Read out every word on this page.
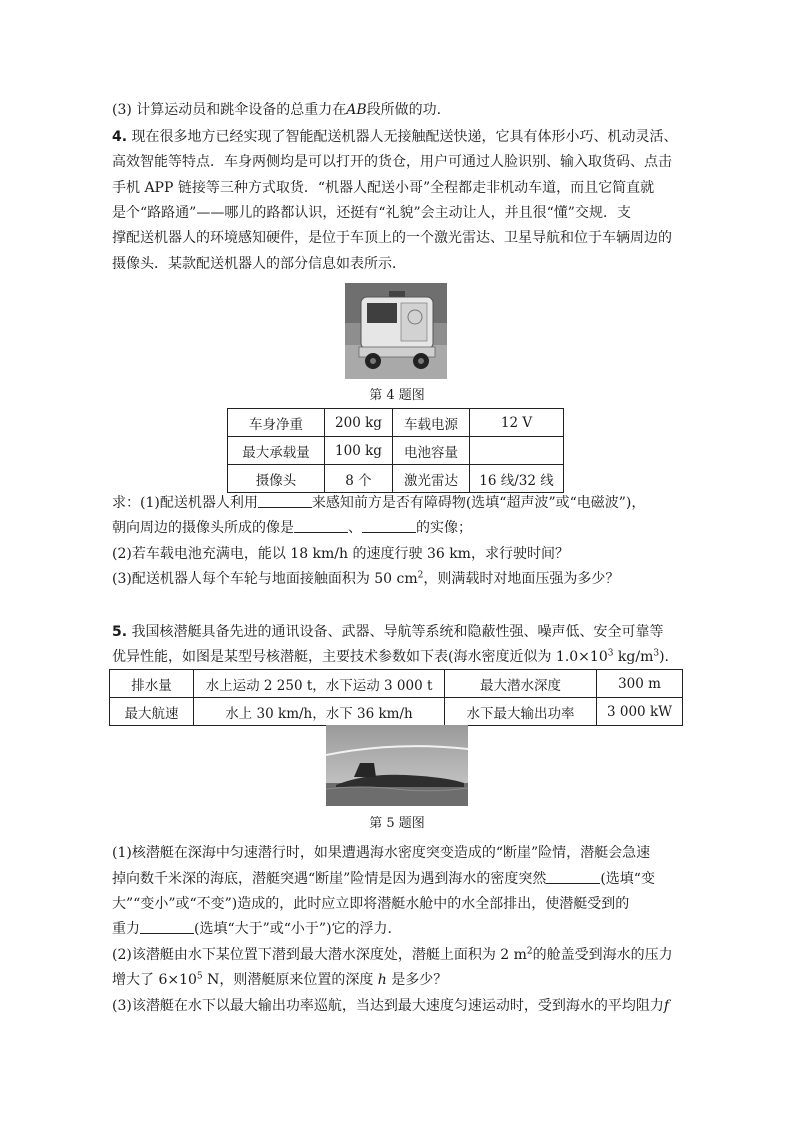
(3) 计算运动员和跳伞设备的总重力在AB段所做的功.
4. 现在很多地方已经实现了智能配送机器人无接触配送快递，它具有体形小巧、机动灵活、
高效智能等特点．车身两侧均是可以打开的货仓，用户可通过人脸识别、输入取货码、点击
手机 APP 链接等三种方式取货．“机器人配送小哥”全程都走非机动车道，而且它简直就
是个“路路通”——哪儿的路都认识，还挺有“礼貌”会主动让人，并且很“懂”交规．支
撑配送机器人的环境感知硬件，是位于车顶上的一个激光雷达、卫星导航和位于车辆周边的
摄像头．某款配送机器人的部分信息如表所示．
第 4 题图
车身净重	200 kg	车载电源	12 V
最大承载量	100 kg	电池容量	
摄像头	8 个	激光雷达	16 线/32 线
求：(1)配送机器人利用	来感知前方是否有障碍物(选填“超声波”或“电磁波”)，
朝向周边的摄像头所成的像是	、	的实像；
(2)若车载电池充满电，能以 18 km/h 的速度行驶 36 km，求行驶时间？
(3)配送机器人每个车轮与地面接触面积为 50 $cm^2$，则满载时对地面压强为多少？
5. 我国核潜艇具备先进的通讯设备、武器、导航等系统和隐蔽性强、噪声低、安全可靠等
优异性能，如图是某型号核潜艇，主要技术参数如下表(海水密度近似为 $1.0\times 10^3$ $kg/m^3$).
排水量	水上运动 2 250 t，水下运动 3 000 t	最大潜水深度	300 m
最大航速	水上 30 km/h，水下 36 km/h	水下最大输出功率	3 000 kW
第 5 题图
(1)核潜艇在深海中匀速潜行时，如果遭遇海水密度突变造成的“断崖”险情，潜艇会急速
掉向数千米深的海底，潜艇突遇“断崖”险情是因为遇到海水的密度突然	(选填“变
大”“变小”或“不变”)造成的，此时应立即将潜艇水舱中的水全部排出，使潜艇受到的
重力	(选填“大于”或“小于”)它的浮力.
(2)该潜艇由水下某位置下潜到最大潜水深度处，潜艇上面积为 2 $m^2$的舱盖受到海水的压力
增大了 $6\times 10^5$ N，则潜艇原来位置的深度 h 是多少？
(3)该潜艇在水下以最大输出功率巡航，当达到最大速度匀速运动时，受到海水的平均阻力f
